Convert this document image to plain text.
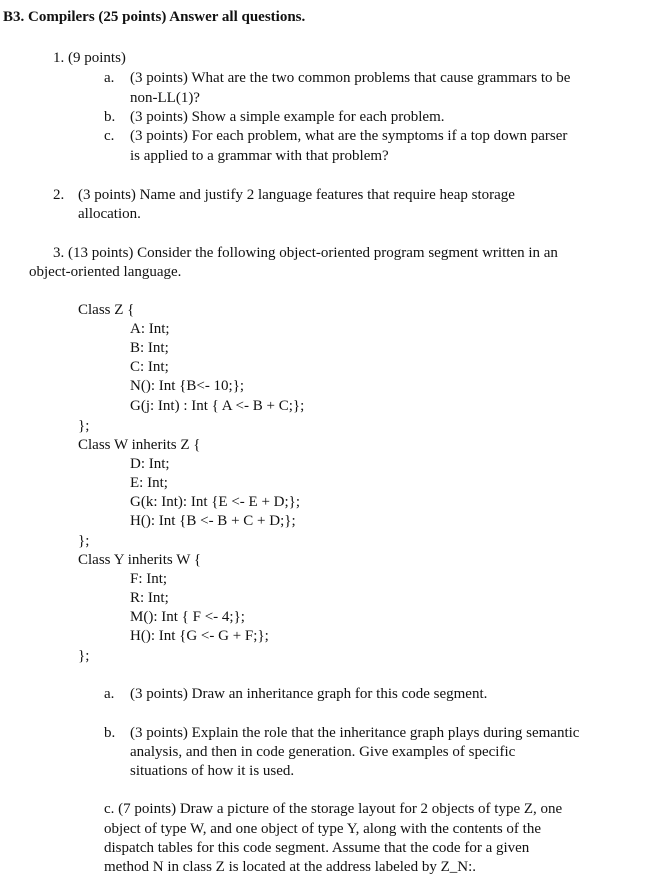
B3. Compilers (25 points) Answer all questions.
1. (9 points)
a. (3 points) What are the two common problems that cause grammars to be
non-LL(1)?
b. (3 points) Show a simple example for each problem.
c. (3 points) For each problem, what are the symptoms if a top down parser
is applied to a grammar with that problem?
2. (3 points) Name and justify 2 language features that require heap storage
allocation.
3. (13 points) Consider the following object-oriented program segment written in an
object-oriented language.
Class Z {
A: Int;
B: Int;
C: Int;
N(): Int {B<- 10;};
G(j: Int) : Int { A <- B + C;};
};
Class W inherits Z {
D: Int;
E: Int;
G(k: Int): Int {E <- E + D;};
H(): Int {B <- B + C + D;};
};
Class Y inherits W {
F: Int;
R: Int;
M(): Int { F <- 4;};
H(): Int {G <- G + F;};
};
a. (3 points) Draw an inheritance graph for this code segment.
b. (3 points) Explain the role that the inheritance graph plays during semantic
analysis, and then in code generation. Give examples of specific
situations of how it is used.
c. (7 points) Draw a picture of the storage layout for 2 objects of type Z, one
object of type W, and one object of type Y, along with the contents of the
dispatch tables for this code segment. Assume that the code for a given
method N in class Z is located at the address labeled by Z_N:.
